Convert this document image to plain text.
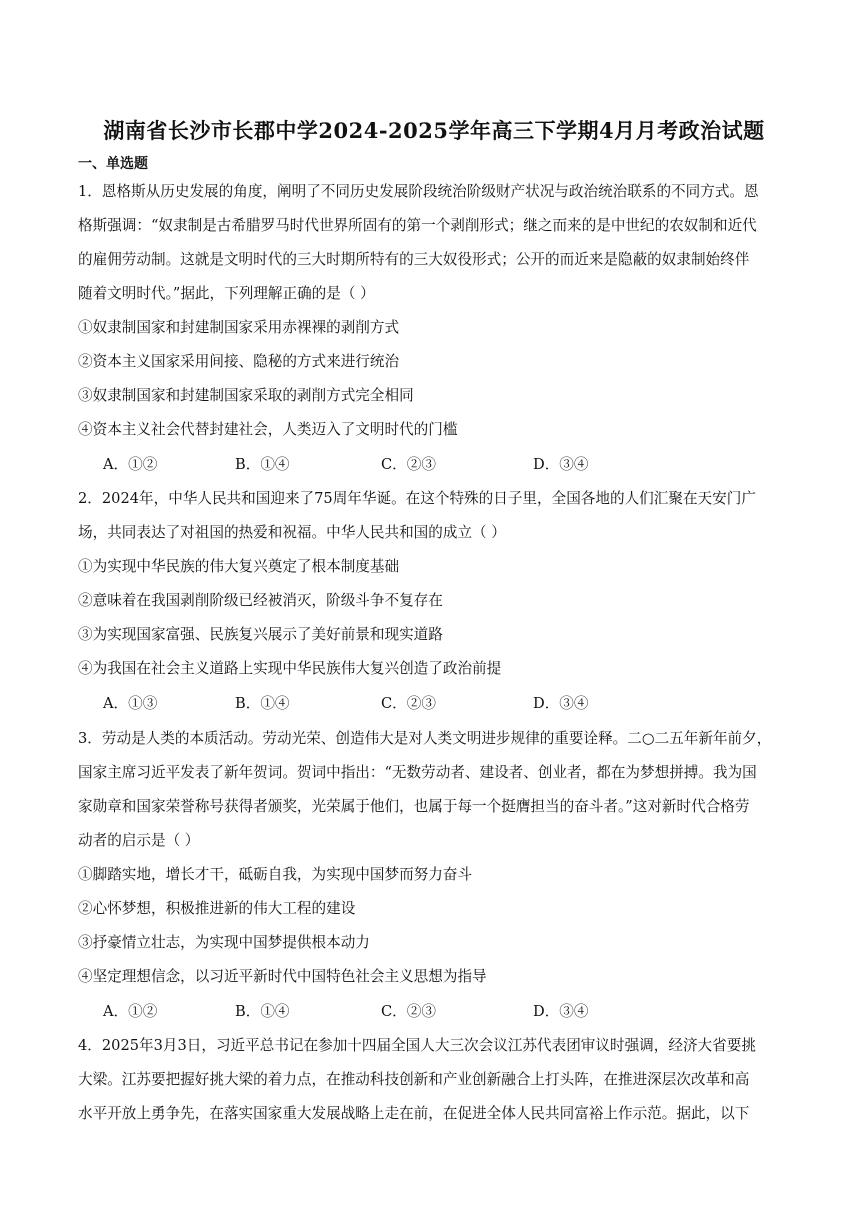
湖南省长沙市长郡中学2024-2025学年高三下学期4月月考政治试题
一、单选题
1．恩格斯从历史发展的角度，阐明了不同历史发展阶段统治阶级财产状况与政治统治联系的不同方式。恩
格斯强调：“奴隶制是古希腊罗马时代世界所固有的第一个剥削形式；继之而来的是中世纪的农奴制和近代
的雇佣劳动制。这就是文明时代的三大时期所特有的三大奴役形式；公开的而近来是隐蔽的奴隶制始终伴
随着文明时代。”据此，下列理解正确的是（ ）
①奴隶制国家和封建制国家采用赤裸裸的剥削方式
②资本主义国家采用间接、隐秘的方式来进行统治
③奴隶制国家和封建制国家采取的剥削方式完全相同
④资本主义社会代替封建社会，人类迈入了文明时代的门槛
A．①②	B．①④	C．②③	D．③④
2．2024年，中华人民共和国迎来了75周年华诞。在这个特殊的日子里，全国各地的人们汇聚在天安门广
场，共同表达了对祖国的热爱和祝福。中华人民共和国的成立（ ）
①为实现中华民族的伟大复兴奠定了根本制度基础
②意味着在我国剥削阶级已经被消灭，阶级斗争不复存在
③为实现国家富强、民族复兴展示了美好前景和现实道路
④为我国在社会主义道路上实现中华民族伟大复兴创造了政治前提
A．①③	B．①④	C．②③	D．③④
3．劳动是人类的本质活动。劳动光荣、创造伟大是对人类文明进步规律的重要诠释。二○二五年新年前夕，
国家主席习近平发表了新年贺词。贺词中指出：“无数劳动者、建设者、创业者，都在为梦想拼搏。我为国
家勋章和国家荣誉称号获得者颁奖，光荣属于他们，也属于每一个挺膺担当的奋斗者。”这对新时代合格劳
动者的启示是（ ）
①脚踏实地，增长才干，砥砺自我，为实现中国梦而努力奋斗
②心怀梦想，积极推进新的伟大工程的建设
③抒豪情立壮志，为实现中国梦提供根本动力
④坚定理想信念，以习近平新时代中国特色社会主义思想为指导
A．①②	B．①④	C．②③	D．③④
4．2025年3月3日，习近平总书记在参加十四届全国人大三次会议江苏代表团审议时强调，经济大省要挑
大梁。江苏要把握好挑大梁的着力点，在推动科技创新和产业创新融合上打头阵，在推进深层次改革和高
水平开放上勇争先，在落实国家重大发展战略上走在前，在促进全体人民共同富裕上作示范。据此，以下
